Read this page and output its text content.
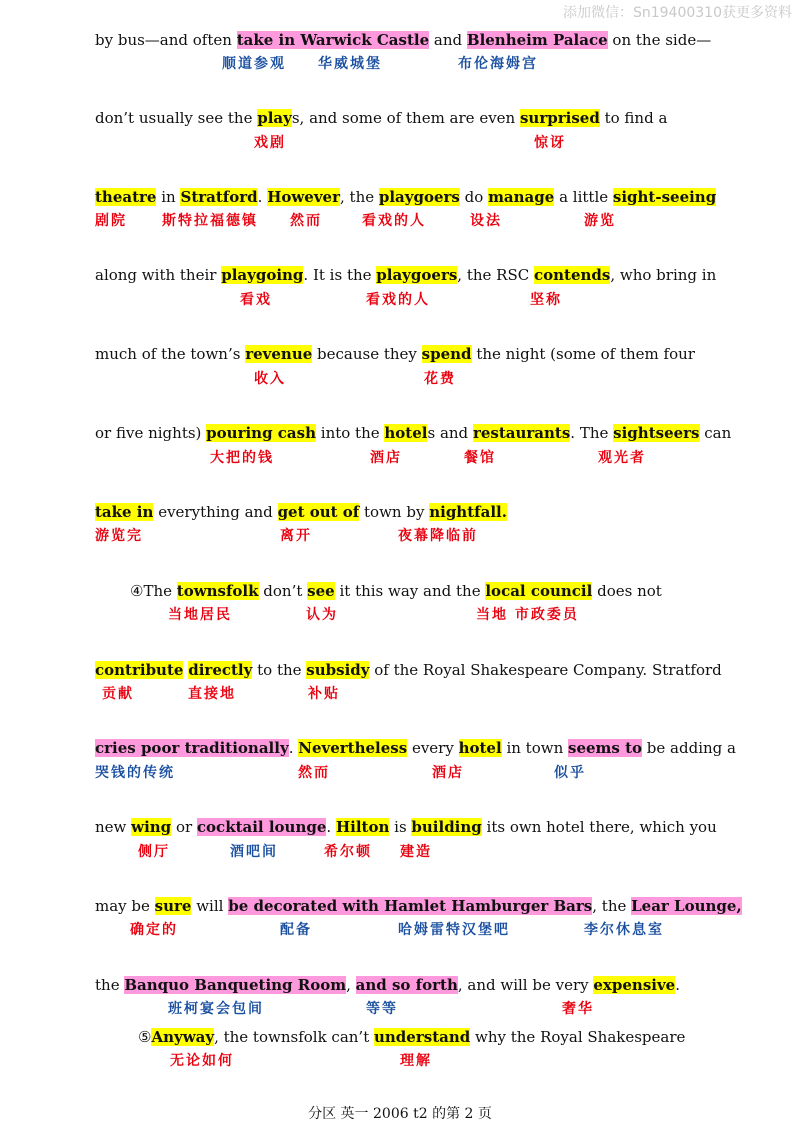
添加微信：Sn19400310获更多资料
by bus—and often take in Warwick Castle and Blenheim Palace on the side—
顺道参观 华威城堡	布伦海姆宫
don’t usually see the plays, and some of them are even surprised to find a
戏剧	惊讶
theatre in Stratford. However, the playgoers do manage a little sight-seeing
剧院	斯特拉福德镇 然而	看戏的人	设法	游览
along with their playgoing. It is the playgoers, the RSC contends, who bring in
看戏	看戏的人	坚称
much of the town’s revenue because they spend the night (some of them four
收入	花费
or five nights) pouring cash into the hotels and restaurants. The sightseers can
大把的钱	酒店	餐馆	观光者
take in everything and get out of town by nightfall.
游览完	离开	夜幕降临前
④The townsfolk don’t see it this way and the local council does not
当地居民	认为	当地 市政委员
contribute directly to the subsidy of the Royal Shakespeare Company. Stratford
贡献	直接地	补贴
cries poor traditionally. Nevertheless every hotel in town seems to be adding a
哭钱的传统	然而	酒店	似乎
new wing or cocktail lounge. Hilton is building its own hotel there, which you
侧厅	酒吧间	希尔顿 建造
may be sure will be decorated with Hamlet Hamburger Bars, the Lear Lounge,
确定的	配备	哈姆雷特汉堡吧	李尔休息室
the Banquo Banqueting Room, and so forth, and will be very expensive.
班柯宴会包间	等等	奢华
⑤Anyway, the townsfolk can’t understand why the Royal Shakespeare
无论如何	理解
分区 英一 2006 t2 的第 2 页
